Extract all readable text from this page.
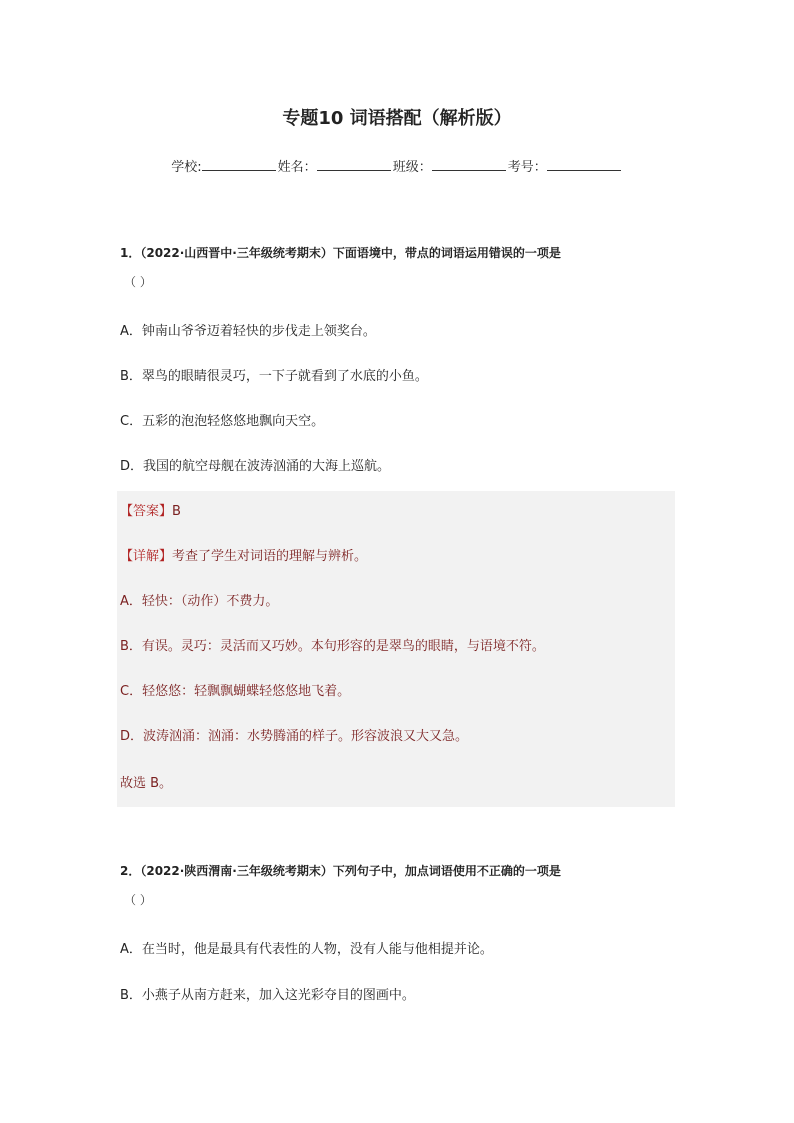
专题10 词语搭配（解析版）
学校:	姓名：	班级：	考号：
1．（2022·山西晋中·三年级统考期末）下面语境中，带点的词语运用错误的一项是
（ ）
A．钟南山爷爷迈着轻快的步伐走上领奖台。
B．翠鸟的眼睛很灵巧，一下子就看到了水底的小鱼。
C．五彩的泡泡轻悠悠地飘向天空。
D．我国的航空母舰在波涛汹涌的大海上巡航。
【答案】B
【详解】考查了学生对词语的理解与辨析。
A．轻快：（动作）不费力。
B．有误。灵巧：灵活而又巧妙。本句形容的是翠鸟的眼睛，与语境不符。
C．轻悠悠：轻飘飘蝴蝶轻悠悠地飞着。
D．波涛汹涌：汹涌：水势腾涌的样子。形容波浪又大又急。
故选 B。
2．（2022·陕西渭南·三年级统考期末）下列句子中，加点词语使用不正确的一项是
（ ）
A．在当时，他是最具有代表性的人物，没有人能与他相提并论。
B．小燕子从南方赶来，加入这光彩夺目的图画中。
